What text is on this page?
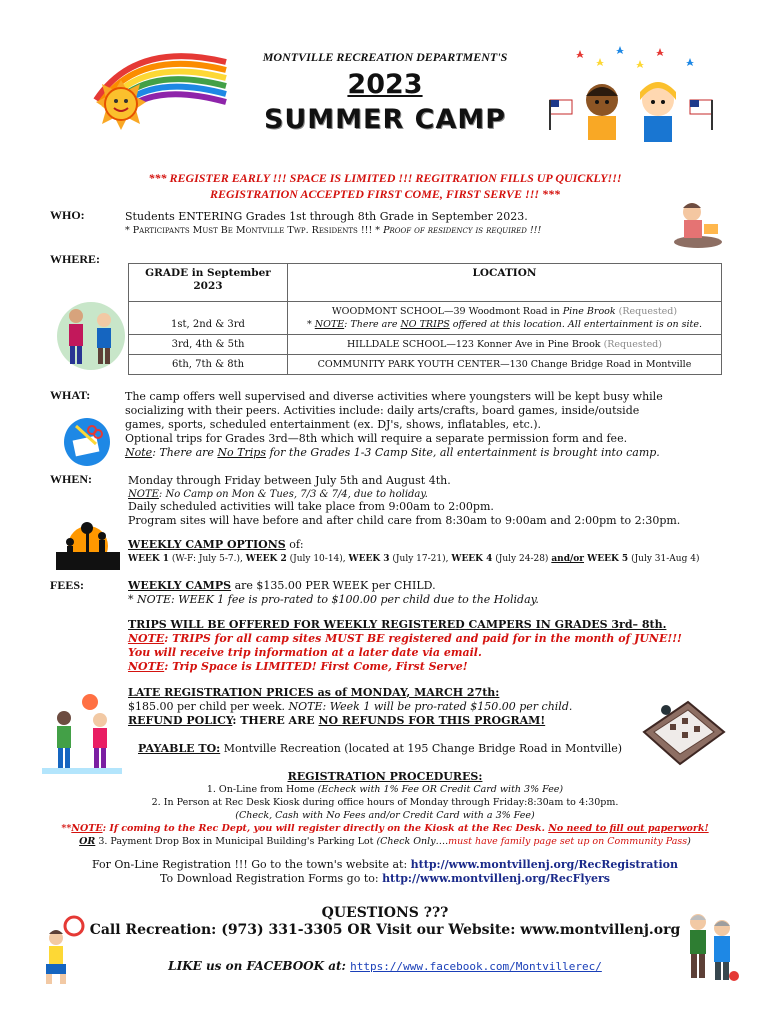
MONTVILLE RECREATION DEPARTMENT'S
2023
SUMMER CAMP
*** REGISTER EARLY !!! SPACE IS LIMITED !!! REGITRATION FILLS UP QUICKLY!!!
REGISTRATION ACCEPTED FIRST COME, FIRST SERVE !!! ***
WHO:	Students ENTERING Grades 1st through 8th Grade in September 2023.
* Participants Must Be Montville Twp. Residents !!! * Proof of residency is required !!!
WHERE:
GRADE in September 2023	LOCATION
1st, 2nd & 3rd	WOODMONT SCHOOL—39 Woodmont Road in Pine Brook (Requested)
* NOTE: There are NO TRIPS offered at this location. All entertainment is on site.
3rd, 4th & 5th	HILLDALE SCHOOL—123 Konner Ave in Pine Brook (Requested)
6th, 7th & 8th	COMMUNITY PARK YOUTH CENTER—130 Change Bridge Road in Montville
WHAT:	The camp offers well supervised and diverse activities where youngsters will be kept busy while
socializing with their peers. Activities include: daily arts/crafts, board games, inside/outside
games, sports, scheduled entertainment (ex. DJ's, shows, inflatables, etc.).
Optional trips for Grades 3rd—8th which will require a separate permission form and fee.
Note: There are No Trips for the Grades 1-3 Camp Site, all entertainment is brought into camp.
WHEN:	Monday through Friday between July 5th and August 4th.
NOTE: No Camp on Mon & Tues, 7/3 & 7/4, due to holiday.
Daily scheduled activities will take place from 9:00am to 2:00pm.
Program sites will have before and after child care from 8:30am to 9:00am and 2:00pm to 2:30pm.
WEEKLY CAMP OPTIONS of:
WEEK 1 (W-F: July 5-7.), WEEK 2 (July 10-14), WEEK 3 (July 17-21), WEEK 4 (July 24-28) and/or WEEK 5 (July 31-Aug 4)
FEES:	WEEKLY CAMPS are $135.00 PER WEEK per CHILD.
* NOTE: WEEK 1 fee is pro-rated to $100.00 per child due to the Holiday.
TRIPS WILL BE OFFERED FOR WEEKLY REGISTERED CAMPERS IN GRADES 3rd– 8th.
NOTE: TRIPS for all camp sites MUST BE registered and paid for in the month of JUNE!!!
You will receive trip information at a later date via email.
NOTE: Trip Space is LIMITED! First Come, First Serve!
LATE REGISTRATION PRICES as of MONDAY, MARCH 27th:
$185.00 per child per week. NOTE: Week 1 will be pro-rated $150.00 per child.
REFUND POLICY: THERE ARE NO REFUNDS FOR THIS PROGRAM!
PAYABLE TO: Montville Recreation (located at 195 Change Bridge Road in Montville)
REGISTRATION PROCEDURES:
1. On-Line from Home (Echeck with 1% Fee OR Credit Card with 3% Fee)
2. In Person at Rec Desk Kiosk during office hours of Monday through Friday:8:30am to 4:30pm.
(Check, Cash with No Fees and/or Credit Card with a 3% Fee)
**NOTE: If coming to the Rec Dept, you will register directly on the Kiosk at the Rec Desk. No need to fill out paperwork!
OR 3. Payment Drop Box in Municipal Building's Parking Lot (Check Only….must have family page set up on Community Pass)
For On-Line Registration !!! Go to the town's website at: http://www.montvillenj.org/RecRegistration
To Download Registration Forms go to: http://www.montvillenj.org/RecFlyers
QUESTIONS ???
Call Recreation: (973) 331-3305 OR Visit our Website: www.montvillenj.org
LIKE us on FACEBOOK at: https://www.facebook.com/Montvillerec/
